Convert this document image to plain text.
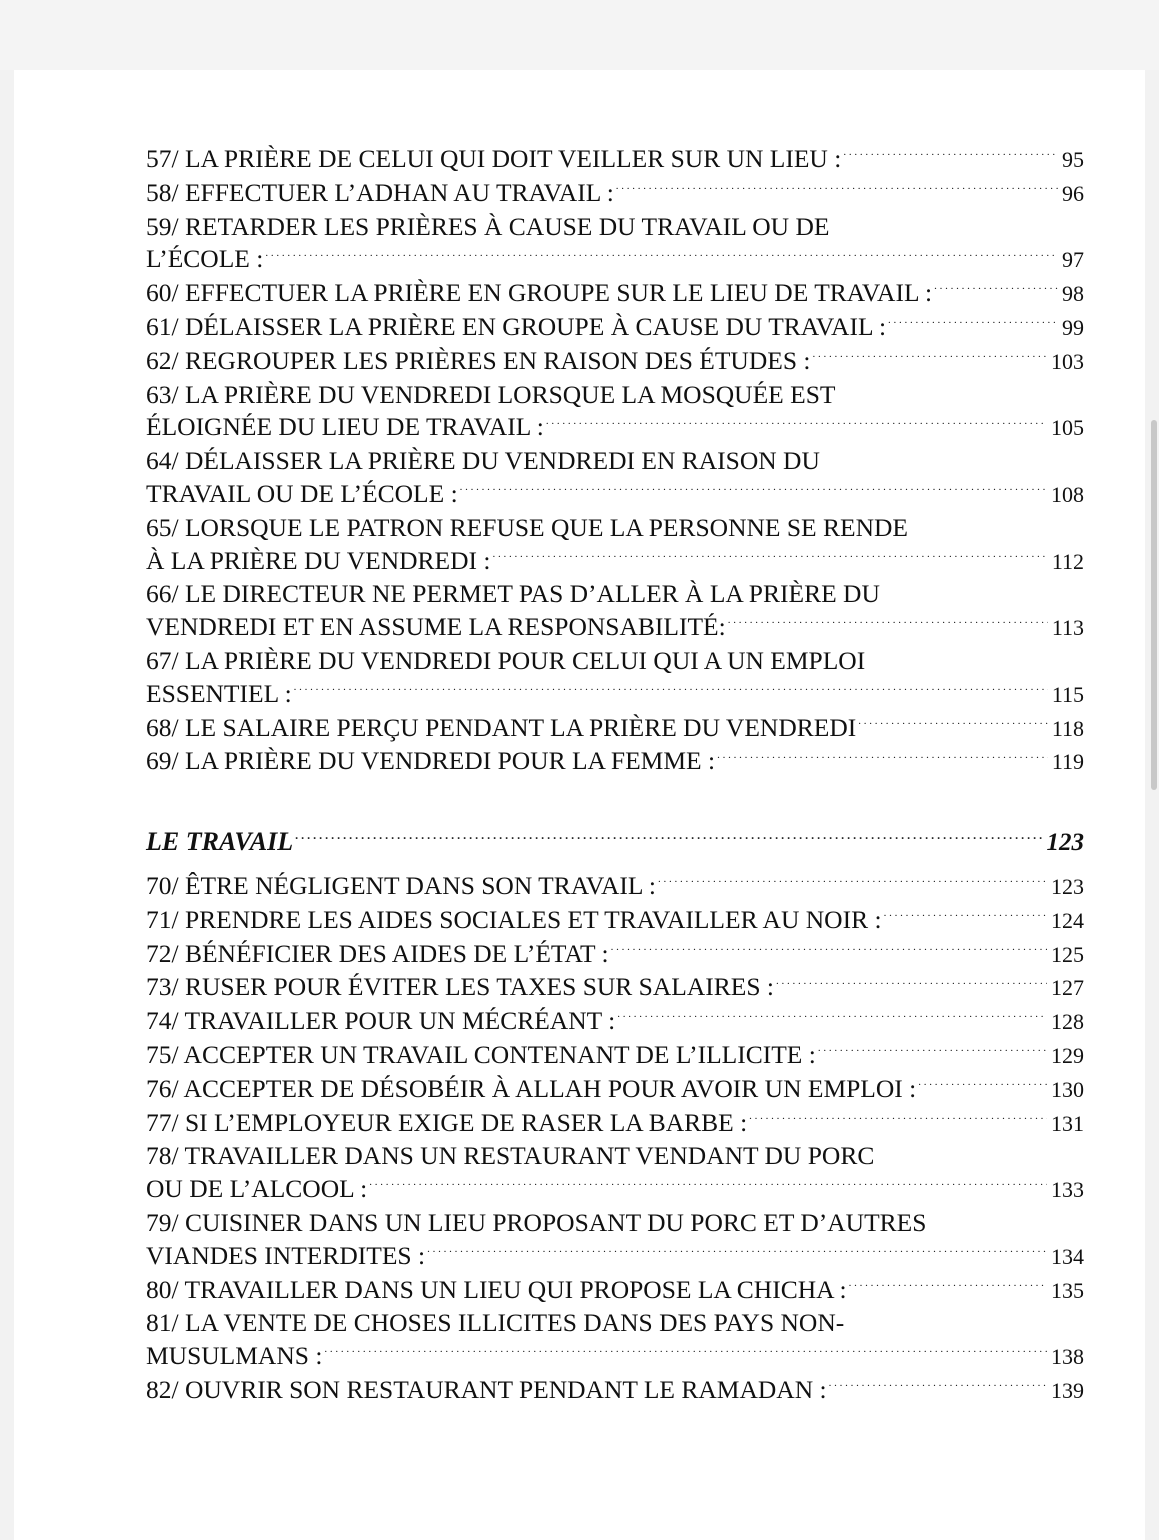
57/ LA PRIÈRE DE CELUI QUI DOIT VEILLER SUR UN LIEU : . . .	95
58/ EFFECTUER L’ADHAN AU TRAVAIL : . . .	96
59/ RETARDER LES PRIÈRES À CAUSE DU TRAVAIL OU DE
L’ÉCOLE : . . .	97
60/ EFFECTUER LA PRIÈRE EN GROUPE SUR LE LIEU DE TRAVAIL : . . .	98
61/ DÉLAISSER LA PRIÈRE EN GROUPE À CAUSE DU TRAVAIL : . . .	99
62/ REGROUPER LES PRIÈRES EN RAISON DES ÉTUDES : . . .	103
63/ LA PRIÈRE DU VENDREDI LORSQUE LA MOSQUÉE EST
ÉLOIGNÉE DU LIEU DE TRAVAIL : . . .	105
64/ DÉLAISSER LA PRIÈRE DU VENDREDI EN RAISON DU
TRAVAIL OU DE L’ÉCOLE : . . .	108
65/ LORSQUE LE PATRON REFUSE QUE LA PERSONNE SE RENDE
À LA PRIÈRE DU VENDREDI : . . .	112
66/ LE DIRECTEUR NE PERMET PAS D’ALLER À LA PRIÈRE DU
VENDREDI ET EN ASSUME LA RESPONSABILITÉ: . . .	113
67/ LA PRIÈRE DU VENDREDI POUR CELUI QUI A UN EMPLOI
ESSENTIEL : . . .	115
68/ LE SALAIRE PERÇU PENDANT LA PRIÈRE DU VENDREDI . . .	118
69/ LA PRIÈRE DU VENDREDI POUR LA FEMME : . . .	119
LE TRAVAIL . . .	123
70/ ÊTRE NÉGLIGENT DANS SON TRAVAIL : . . .	123
71/ PRENDRE LES AIDES SOCIALES ET TRAVAILLER AU NOIR : . . .	124
72/ BÉNÉFICIER DES AIDES DE L’ÉTAT : . . .	125
73/ RUSER POUR ÉVITER LES TAXES SUR SALAIRES : . . .	127
74/ TRAVAILLER POUR UN MÉCRÉANT : . . .	128
75/ ACCEPTER UN TRAVAIL CONTENANT DE L’ILLICITE : . . .	129
76/ ACCEPTER DE DÉSOBÉIR À ALLAH POUR AVOIR UN EMPLOI : . . .	130
77/ SI L’EMPLOYEUR EXIGE DE RASER LA BARBE : . . .	131
78/ TRAVAILLER DANS UN RESTAURANT VENDANT DU PORC
OU DE L’ALCOOL : . . .	133
79/ CUISINER DANS UN LIEU PROPOSANT DU PORC ET D’AUTRES
VIANDES INTERDITES : . . .	134
80/ TRAVAILLER DANS UN LIEU QUI PROPOSE LA CHICHA : . . .	135
81/ LA VENTE DE CHOSES ILLICITES DANS DES PAYS NON-
MUSULMANS : . . .	138
82/ OUVRIR SON RESTAURANT PENDANT LE RAMADAN : . . .	139
